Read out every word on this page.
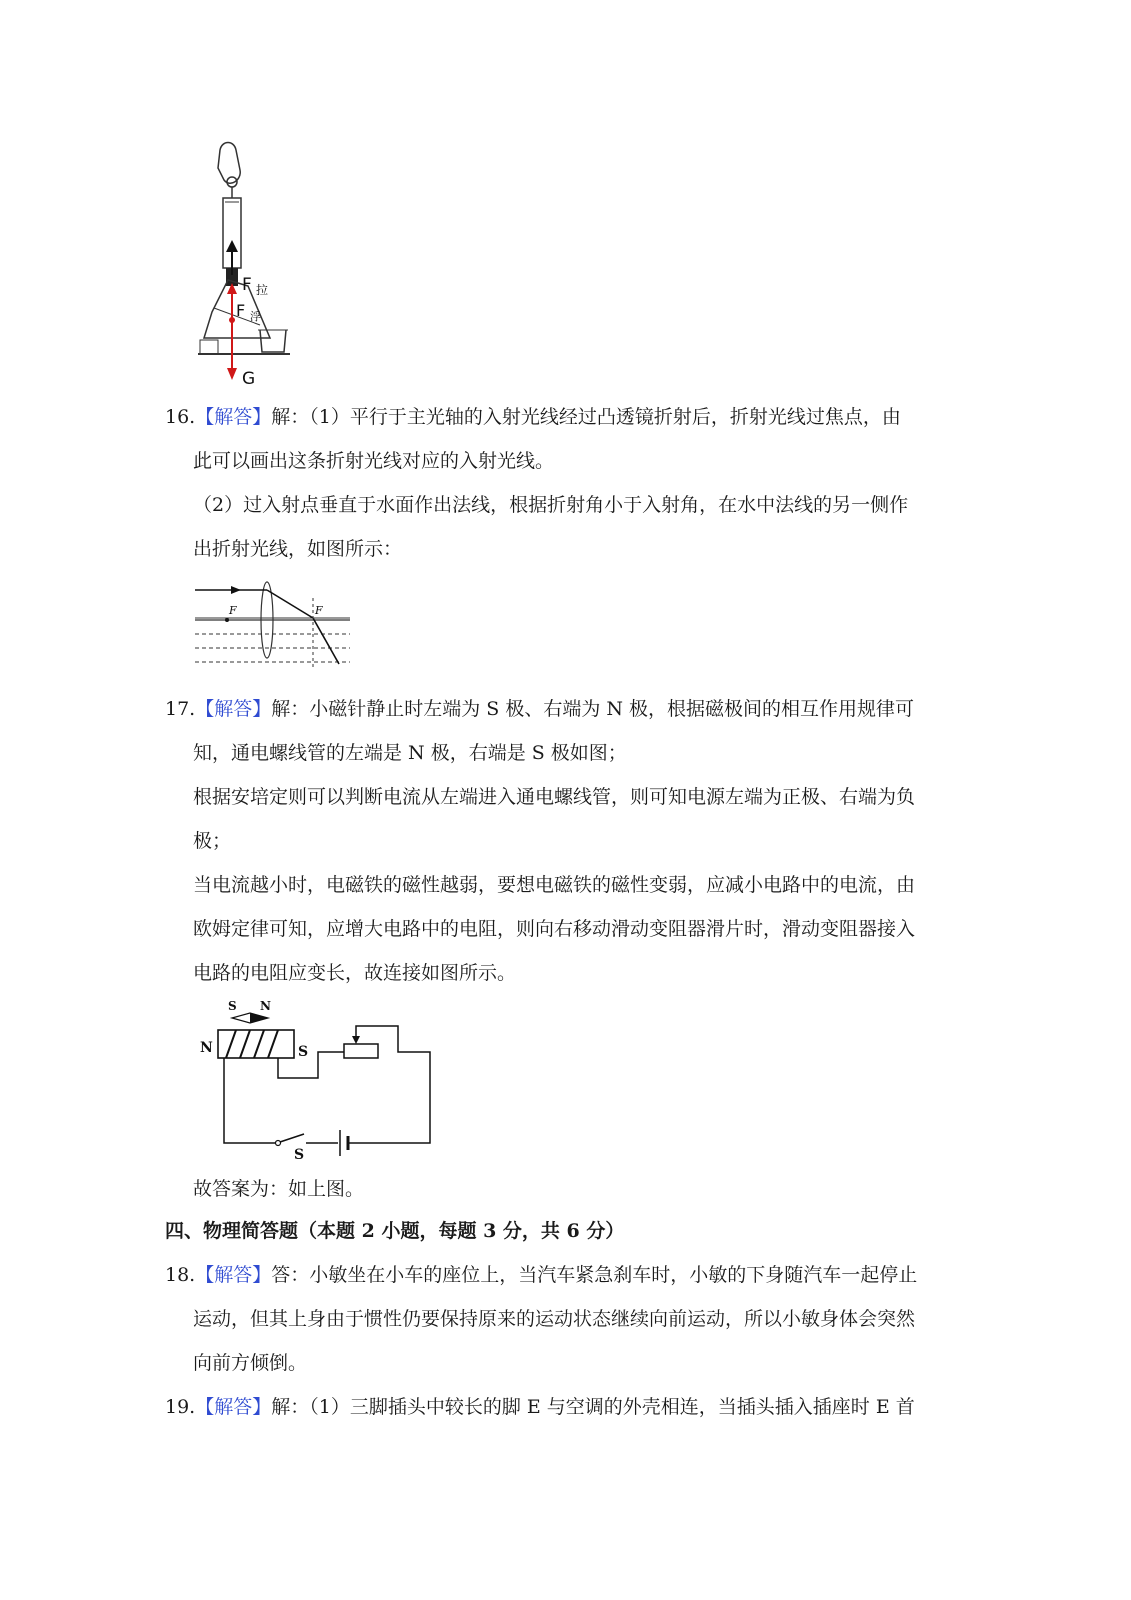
F 拉
F 浮
G
16.【解答】解：（1）平行于主光轴的入射光线经过凸透镜折射后，折射光线过焦点，由
此可以画出这条折射光线对应的入射光线。
（2）过入射点垂直于水面作出法线，根据折射角小于入射角，在水中法线的另一侧作
出折射光线，如图所示：
F	F
17.【解答】解：小磁针静止时左端为 S 极、右端为 N 极，根据磁极间的相互作用规律可
知，通电螺线管的左端是 N 极，右端是 S 极如图；
根据安培定则可以判断电流从左端进入通电螺线管，则可知电源左端为正极、右端为负
极；
当电流越小时，电磁铁的磁性越弱，要想电磁铁的磁性变弱，应减小电路中的电流，由
欧姆定律可知，应增大电路中的电阻，则向右移动滑动变阻器滑片时，滑动变阻器接入
电路的电阻应变长，故连接如图所示。
S N
N	S
S
故答案为：如上图。
四、物理简答题（本题 2 小题，每题 3 分，共 6 分）
18.【解答】答：小敏坐在小车的座位上，当汽车紧急刹车时，小敏的下身随汽车一起停止
运动，但其上身由于惯性仍要保持原来的运动状态继续向前运动，所以小敏身体会突然
向前方倾倒。
19.【解答】解：（1）三脚插头中较长的脚 E 与空调的外壳相连，当插头插入插座时 E 首
